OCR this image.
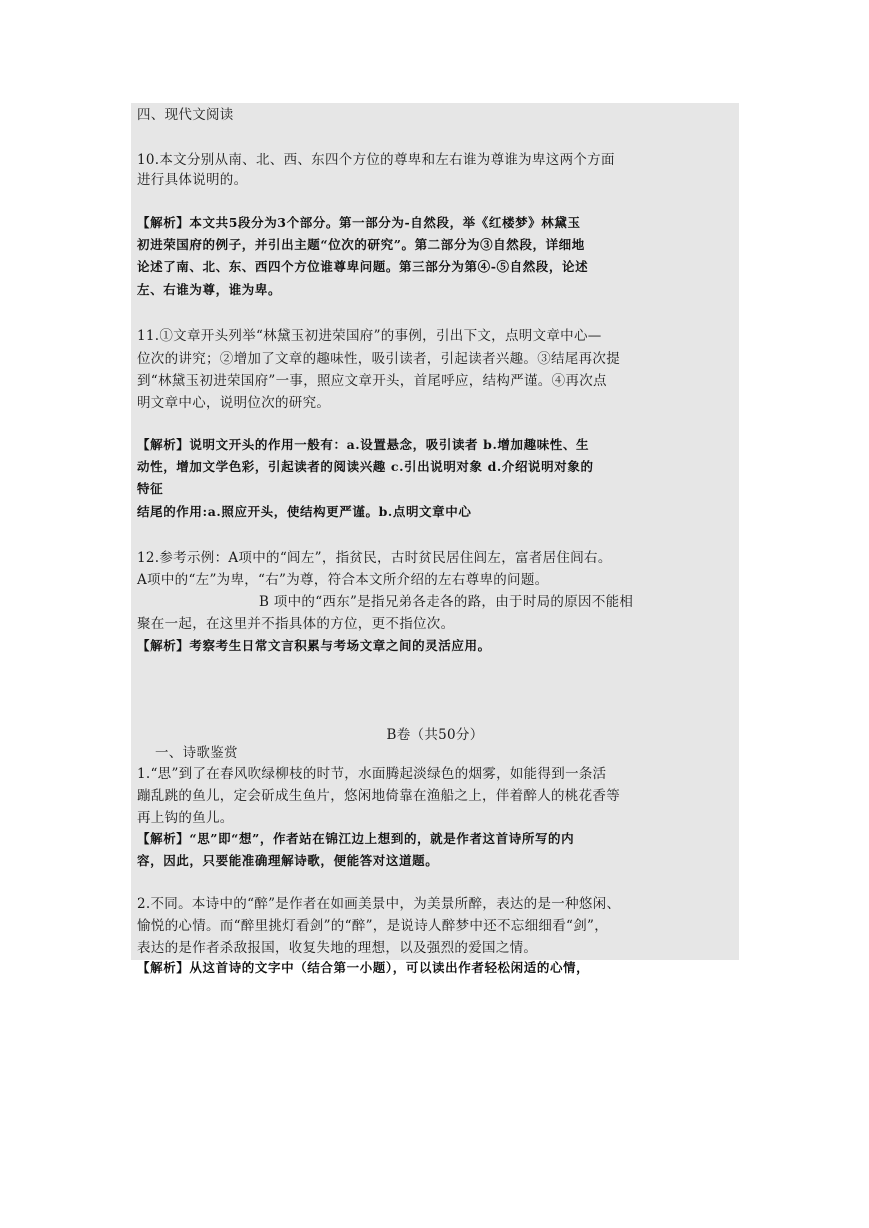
四、现代文阅读
10.本文分别从南、北、西、东四个方位的尊卑和左右谁为尊谁为卑这两个方面
进行具体说明的。
【解析】本文共5段分为3个部分。第一部分为-自然段，举《红楼梦》林黛玉
初进荣国府的例子，并引出主题“位次的研究”。第二部分为③自然段，详细地
论述了南、北、东、西四个方位谁尊卑问题。第三部分为第④-⑤自然段，论述
左、右谁为尊，谁为卑。
11.①文章开头列举“林黛玉初进荣国府”的事例，引出下文，点明文章中心—
位次的讲究；②增加了文章的趣味性，吸引读者，引起读者兴趣。③结尾再次提
到“林黛玉初进荣国府”一事，照应文章开头，首尾呼应，结构严谨。④再次点
明文章中心，说明位次的研究。
【解析】说明文开头的作用一般有：a.设置悬念，吸引读者 b.增加趣味性、生
动性，增加文学色彩，引起读者的阅读兴趣 c.引出说明对象 d.介绍说明对象的
特征
结尾的作用:a.照应开头，使结构更严谨。b.点明文章中心
12.参考示例：A项中的“闾左”，指贫民，古时贫民居住闾左，富者居住闾右。
A项中的“左”为卑，“右”为尊，符合本文所介绍的左右尊卑的问题。
B 项中的“西东”是指兄弟各走各的路，由于时局的原因不能相
聚在一起，在这里并不指具体的方位，更不指位次。
【解析】考察考生日常文言积累与考场文章之间的灵活应用。
B卷（共50分）
一、诗歌鉴赏
1.“思”到了在春风吹绿柳枝的时节，水面腾起淡绿色的烟雾，如能得到一条活
蹦乱跳的鱼儿，定会斫成生鱼片，悠闲地倚靠在渔船之上，伴着醉人的桃花香等
再上钩的鱼儿。
【解析】“思”即“想”，作者站在锦江边上想到的，就是作者这首诗所写的内
容，因此，只要能准确理解诗歌，便能答对这道题。
2.不同。本诗中的“醉”是作者在如画美景中，为美景所醉，表达的是一种悠闲、
愉悦的心情。而“醉里挑灯看剑”的“醉”，是说诗人醉梦中还不忘细细看“剑”，
表达的是作者杀敌报国，收复失地的理想，以及强烈的爱国之情。
【解析】从这首诗的文字中（结合第一小题），可以读出作者轻松闲适的心情，
